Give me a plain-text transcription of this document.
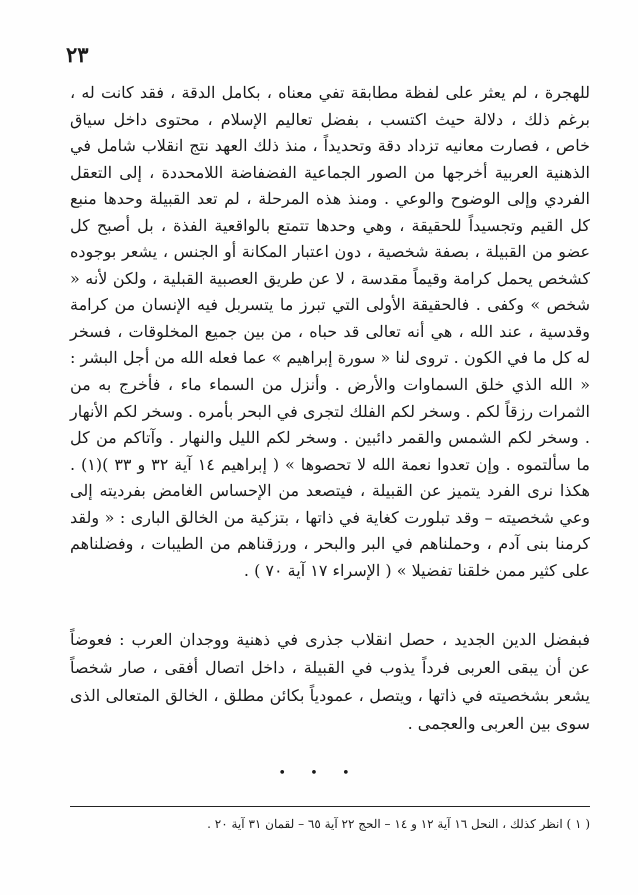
٢٣

للهجرة ، لم يعثر على لفظة مطابقة تفي معناه ، بكامل الدقة ، فقد كانت له ، برغم ذلك ، دلالة حيث اكتسب ، بفضل تعاليم الإسلام ، محتوى داخل سياق خاص ، فصارت معانيه تزداد دقة وتحديداً ، منذ ذلك العهد نتج انقلاب شامل في الذهنية العربية أخرجها من الصور الجماعية الفضفاضة اللامحددة ، إلى التعقل الفردي وإلى الوضوح والوعي . ومنذ هذه المرحلة ، لم تعد القبيلة وحدها منبع كل القيم وتجسيداً للحقيقة ، وهي وحدها تتمتع بالواقعية الفذة ، بل أصبح كل عضو من القبيلة ، بصفة شخصية ، دون اعتبار المكانة أو الجنس ، يشعر بوجوده كشخص يحمل كرامة وقيماً مقدسة ، لا عن طريق العصبية القبلية ، ولكن لأنه « شخص » وكفى . فالحقيقة الأولى التي تبرز ما يتسربل فيه الإنسان من كرامة وقدسية ، عند الله ، هي أنه تعالى قد حباه ، من بين جميع المخلوقات ، فسخر له كل ما في الكون . تروى لنا « سورة إبراهيم » عما فعله الله من أجل البشر : « الله الذي خلق السماوات والأرض . وأنزل من السماء ماء ، فأخرج به من الثمرات رزقاً لكم . وسخر لكم الفلك لتجرى في البحر بأمره . وسخر لكم الأنهار . وسخر لكم الشمس والقمر دائبين . وسخر لكم الليل والنهار . وآتاكم من كل ما سألتموه . وإن تعدوا نعمة الله لا تحصوها » ( إبراهيم ١٤ آية ٣٢ و ٣٣ )(١) . هكذا نرى الفرد يتميز عن القبيلة ، فيتصعد من الإحساس الغامض بفرديته إلى وعي شخصيته – وقد تبلورت كغاية في ذاتها ، بتزكية من الخالق البارى : « ولقد كرمنا بنى آدم ، وحملناهم في البر والبحر ، ورزقناهم من الطيبات ، وفضلناهم على كثير ممن خلقنا تفضيلا » ( الإسراء ١٧ آية ٧٠ ) .

فبفضل الدين الجديد ، حصل انقلاب جذرى في ذهنية ووجدان العرب : فعوضاً عن أن يبقى العربى فرداً يذوب في القبيلة ، داخل اتصال أفقى ، صار شخصاً يشعر بشخصيته في ذاتها ، ويتصل ، عمودياً بكائن مطلق ، الخالق المتعالى الذى سوى بين العربى والعجمى .

• • •
( ١ ) انظر كذلك ، النحل ١٦ آية ١٢ و ١٤ – الحج ٢٢ آية ٦٥ – لقمان ٣١ آية ٢٠ .
